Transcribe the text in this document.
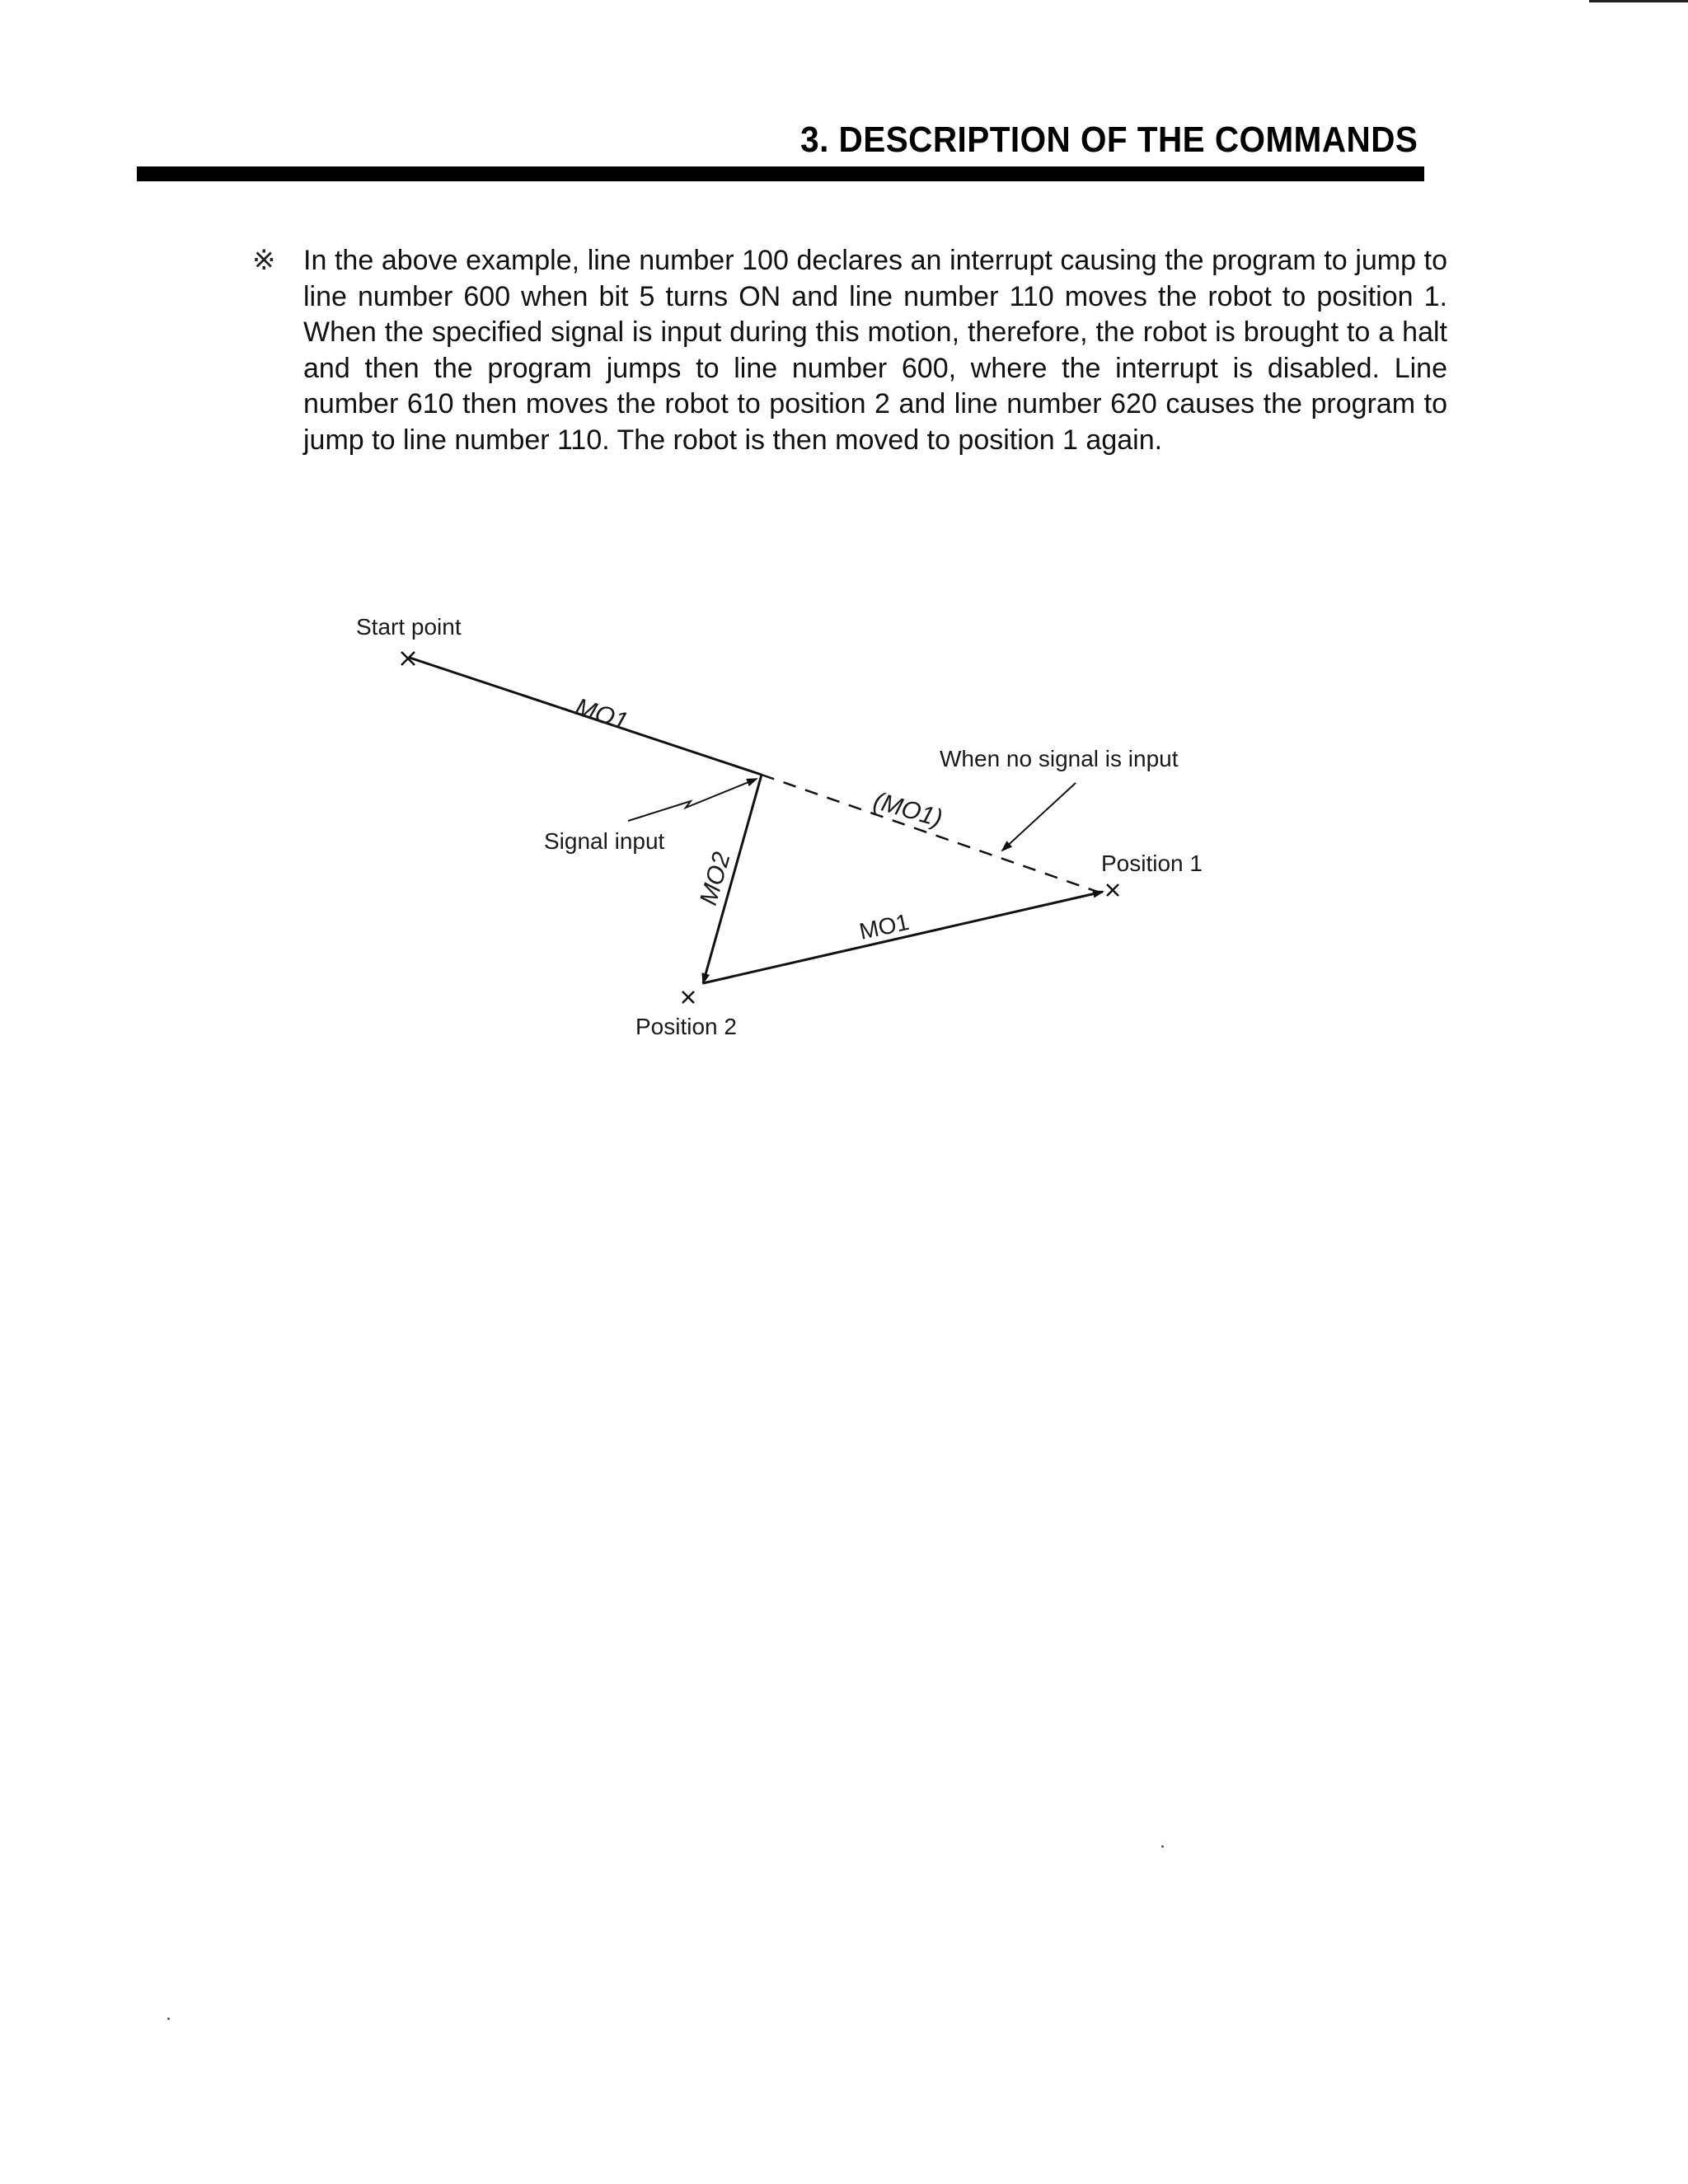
3. DESCRIPTION OF THE COMMANDS
※ In the above example, line number 100 declares an interrupt causing the program to jump to line number 600 when bit 5 turns ON and line number 110 moves the robot to position 1. When the specified signal is input during this motion, therefore, the robot is brought to a halt and then the program jumps to line number 600, where the interrupt is disabled. Line number 610 then moves the robot to position 2 and line number 620 causes the program to jump to line number 110. The robot is then moved to position 1 again.
Start point
MO1
(MO1)
Signal input
When no signal is input
Position 1
MO2
MO1
Position 2
